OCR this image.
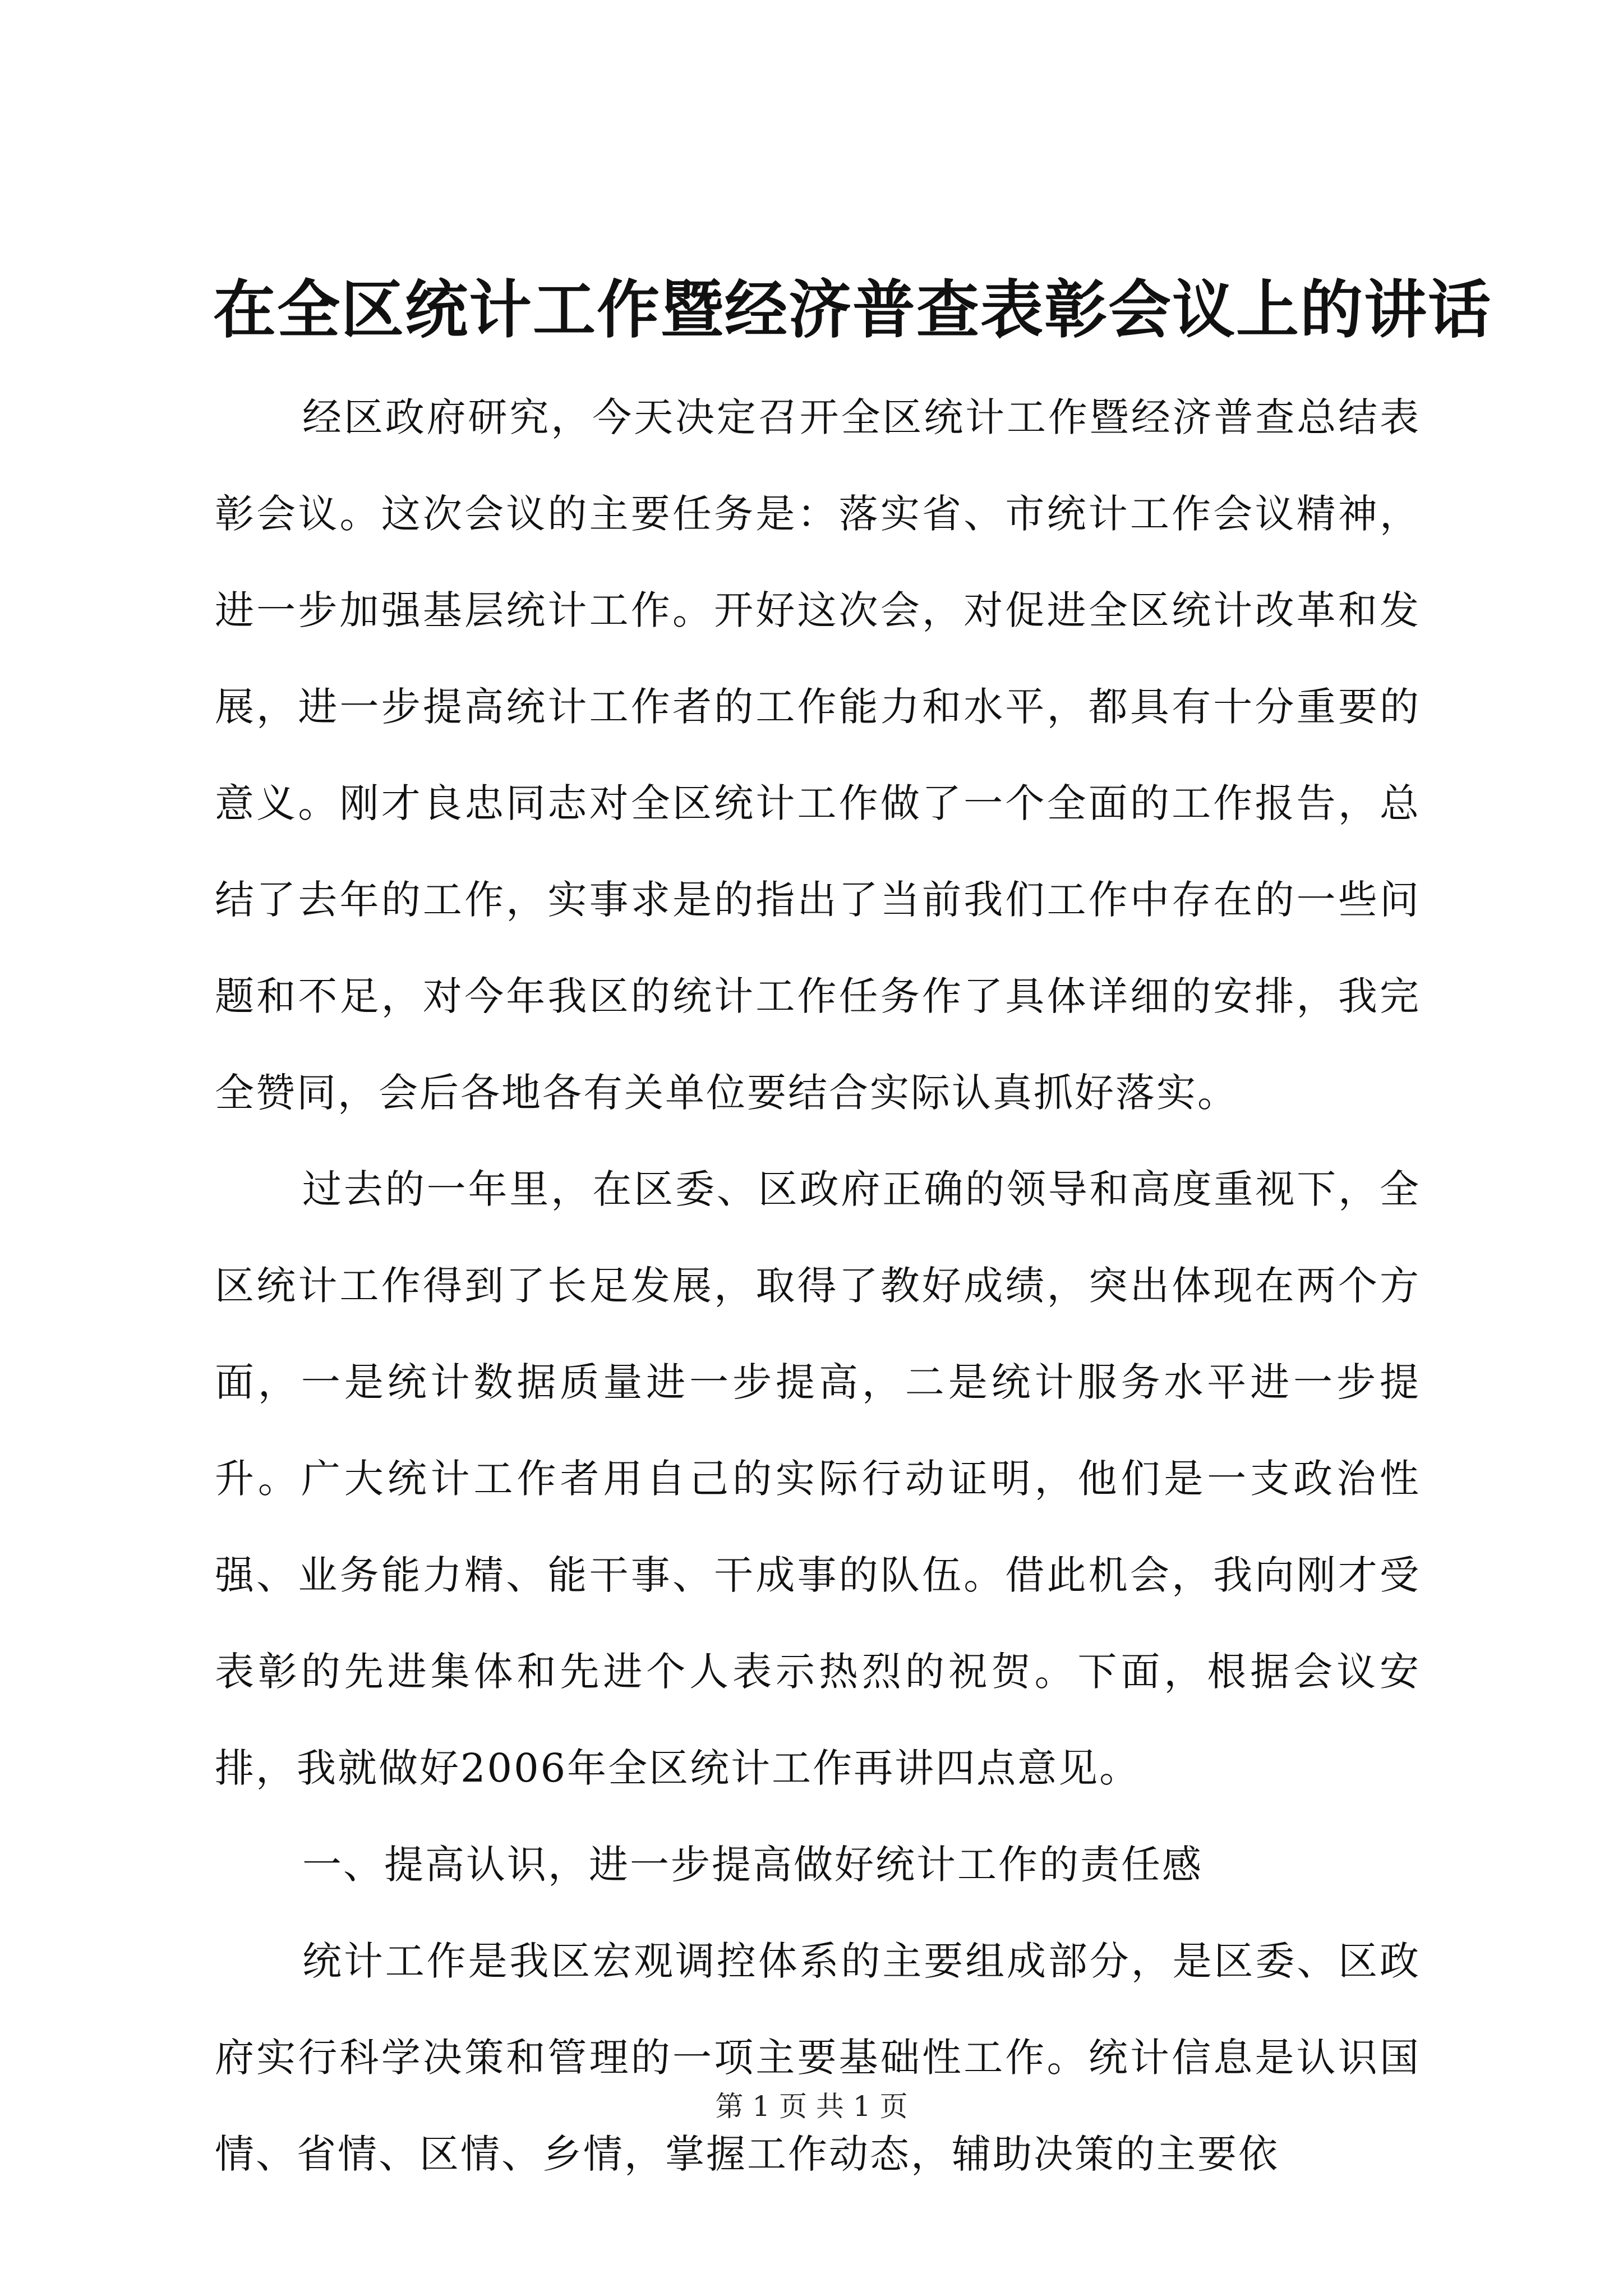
在全区统计工作暨经济普查表彰会议上的讲话

经区政府研究，今天决定召开全区统计工作暨经济普查总结表彰会议。这次会议的主要任务是：落实省、市统计工作会议精神，进一步加强基层统计工作。开好这次会，对促进全区统计改革和发展，进一步提高统计工作者的工作能力和水平，都具有十分重要的意义。刚才良忠同志对全区统计工作做了一个全面的工作报告，总结了去年的工作，实事求是的指出了当前我们工作中存在的一些问题和不足，对今年我区的统计工作任务作了具体详细的安排，我完全赞同，会后各地各有关单位要结合实际认真抓好落实。

过去的一年里，在区委、区政府正确的领导和高度重视下，全区统计工作得到了长足发展，取得了教好成绩，突出体现在两个方面，一是统计数据质量进一步提高，二是统计服务水平进一步提升。广大统计工作者用自己的实际行动证明，他们是一支政治性强、业务能力精、能干事、干成事的队伍。借此机会，我向刚才受表彰的先进集体和先进个人表示热烈的祝贺。下面，根据会议安排，我就做好2006年全区统计工作再讲四点意见。

一、提高认识，进一步提高做好统计工作的责任感

统计工作是我区宏观调控体系的主要组成部分，是区委、区政府实行科学决策和管理的一项主要基础性工作。统计信息是认识国情、省情、区情、乡情，掌握工作动态，辅助决策的主要依

第 1 页 共 1 页
